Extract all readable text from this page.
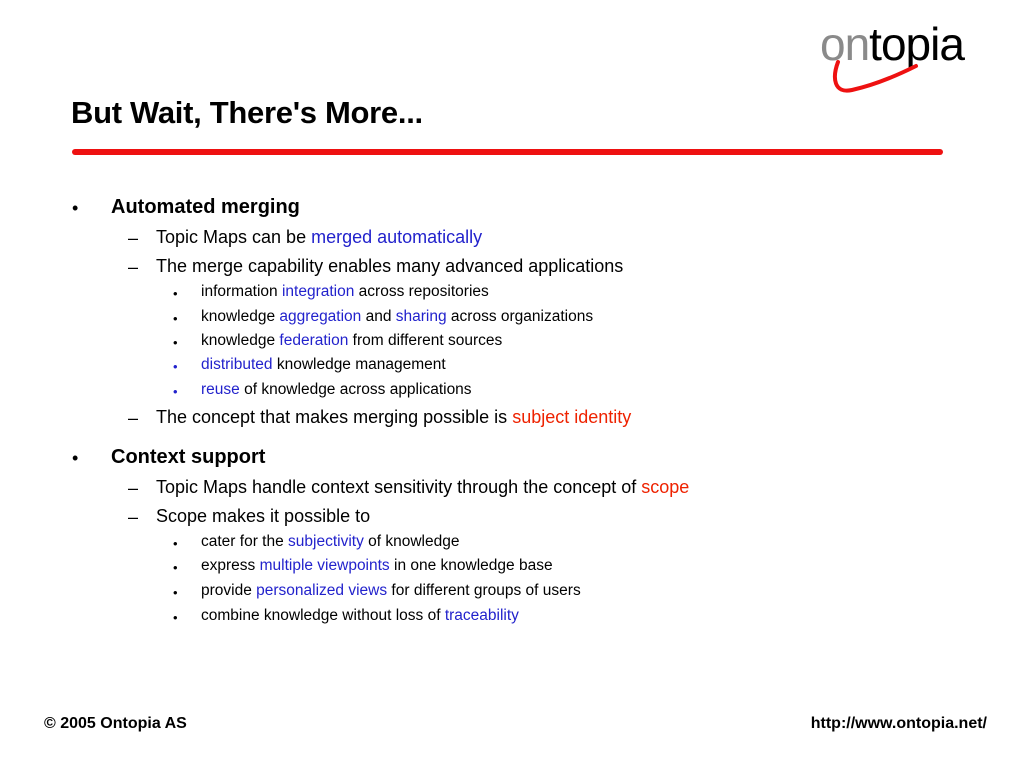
ontopia
But Wait, There's More...
• Automated merging
– Topic Maps can be merged automatically
– The merge capability enables many advanced applications
• information integration across repositories
• knowledge aggregation and sharing across organizations
• knowledge federation from different sources
• distributed knowledge management
• reuse of knowledge across applications
– The concept that makes merging possible is subject identity
• Context support
– Topic Maps handle context sensitivity through the concept of scope
– Scope makes it possible to
• cater for the subjectivity of knowledge
• express multiple viewpoints in one knowledge base
• provide personalized views for different groups of users
• combine knowledge without loss of traceability
© 2005 Ontopia AS	http://www.ontopia.net/
